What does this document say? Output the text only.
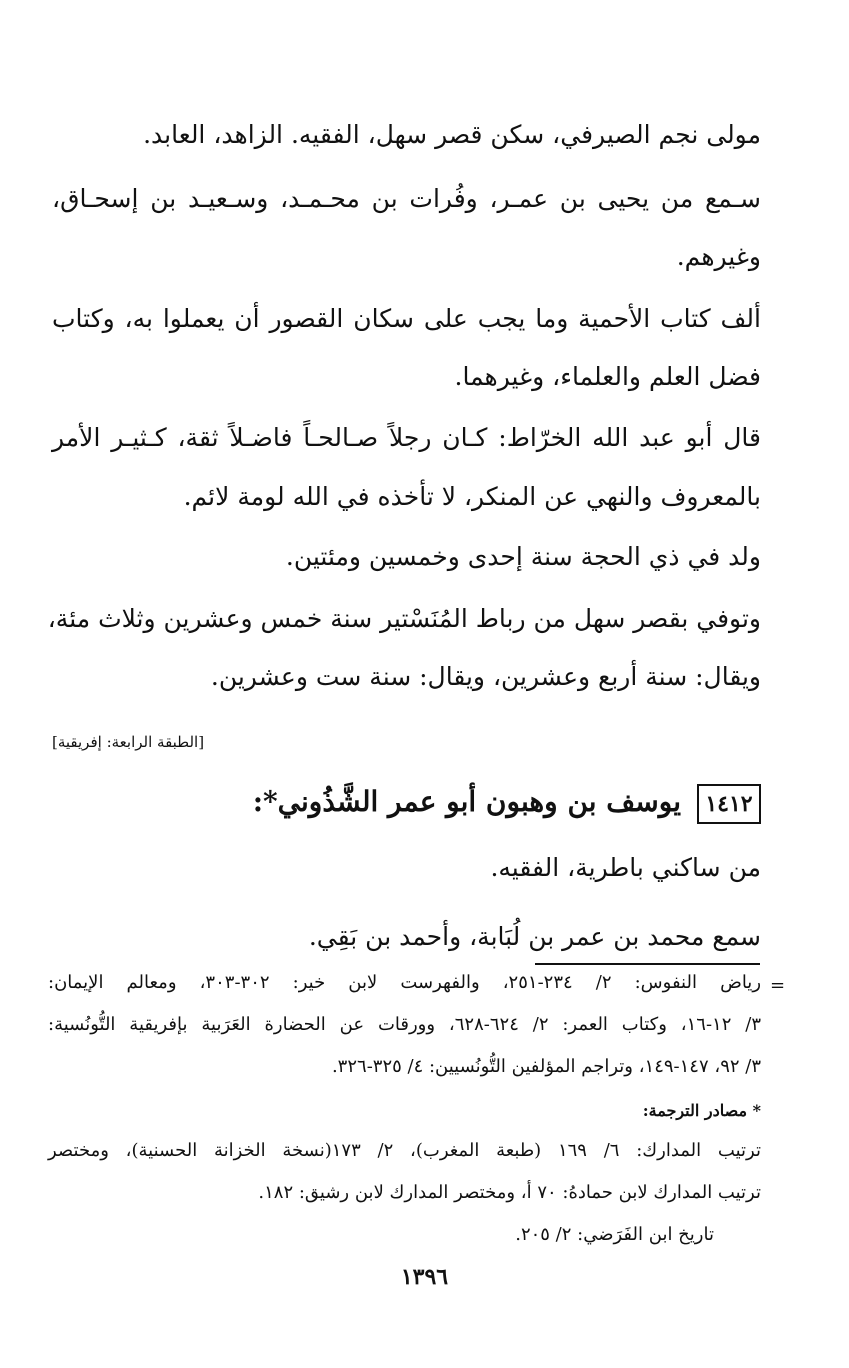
مولى نجم الصيرفي، سكن قصر سهل، الفقيه. الزاهد، العابد.
سـمع من يحيى بن عمـر، وفُرات بن محـمـد، وسـعيـد بن إسحـاق،
وغيرهم.
ألف كتاب الأحمية وما يجب على سكان القصور أن يعملوا به، وكتاب
فضل العلم والعلماء، وغيرهما.
قال أبو عبد الله الخرّاط: كـان رجلاً صـالحـاً فاضـلاً ثقة، كـثيـر الأمر
بالمعروف والنهي عن المنكر، لا تأخذه في الله لومة لائم.
ولد في ذي الحجة سنة إحدى وخمسين ومئتين.
وتوفي بقصر سهل من رباط المُنَسْتير سنة خمس وعشرين وثلاث مئة،
ويقال: سنة أربع وعشرين، ويقال: سنة ست وعشرين.
[الطبقة الرابعة: إفريقية]
١٤١٢
يوسف بن وهبون أبو عمر الشَّذُوني*:
من ساكني باطرية، الفقيه.
سمع محمد بن عمر بن لُبَابة، وأحمد بن بَقِي.
=
رياض النفوس: ٢/ ٢٣٤-٢٥١، والفهرست لابن خير: ٣٠٢-٣٠٣، ومعالم الإيمان:
٣/ ١٢-١٦، وكتاب العمر: ٢/ ٦٢٤-٦٢٨، وورقات عن الحضارة العَرَبية بإفريقية التُّونُسية:
٣/ ٩٢، ١٤٧-١٤٩، وتراجم المؤلفين التُّونُسيين: ٤/ ٣٢٥-٣٢٦.
* مصادر الترجمة:
ترتيب المدارك: ٦/ ١٦٩ (طبعة المغرب)، ٢/ ١٧٣(نسخة الخزانة الحسنية)، ومختصر
ترتيب المدارك لابن حمادهُ: ٧٠ أ، ومختصر المدارك لابن رشيق: ١٨٢.
تاريخ ابن الفَرَضي: ٢/ ٢٠٥.
١٣٩٦
